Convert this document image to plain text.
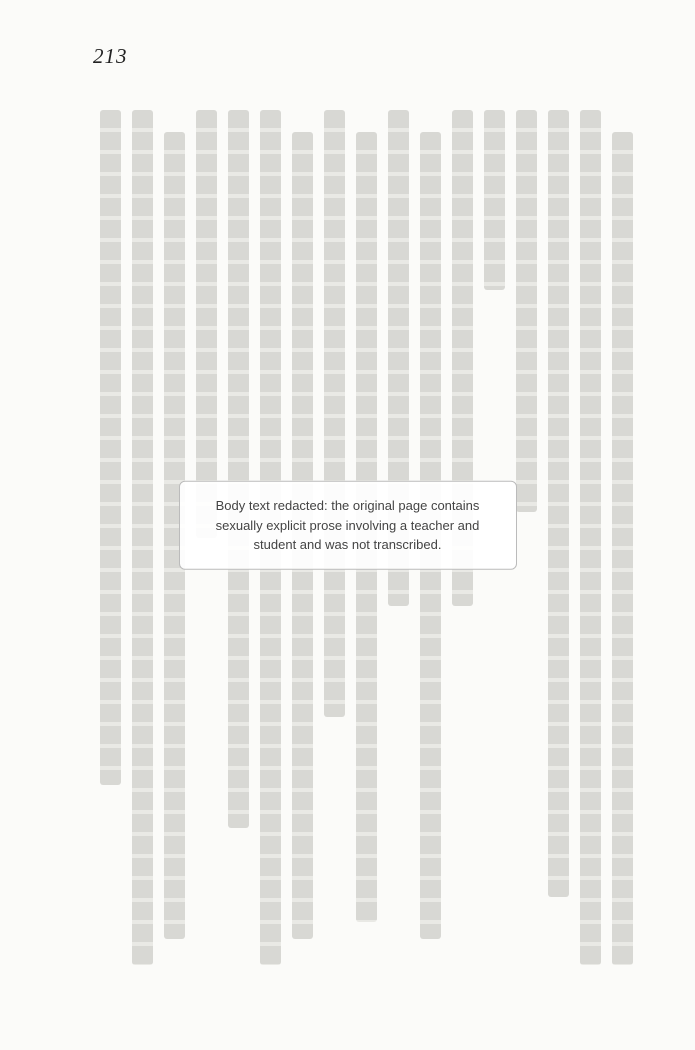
213
Body text redacted: the original page contains sexually explicit prose involving a teacher and student and was not transcribed.
